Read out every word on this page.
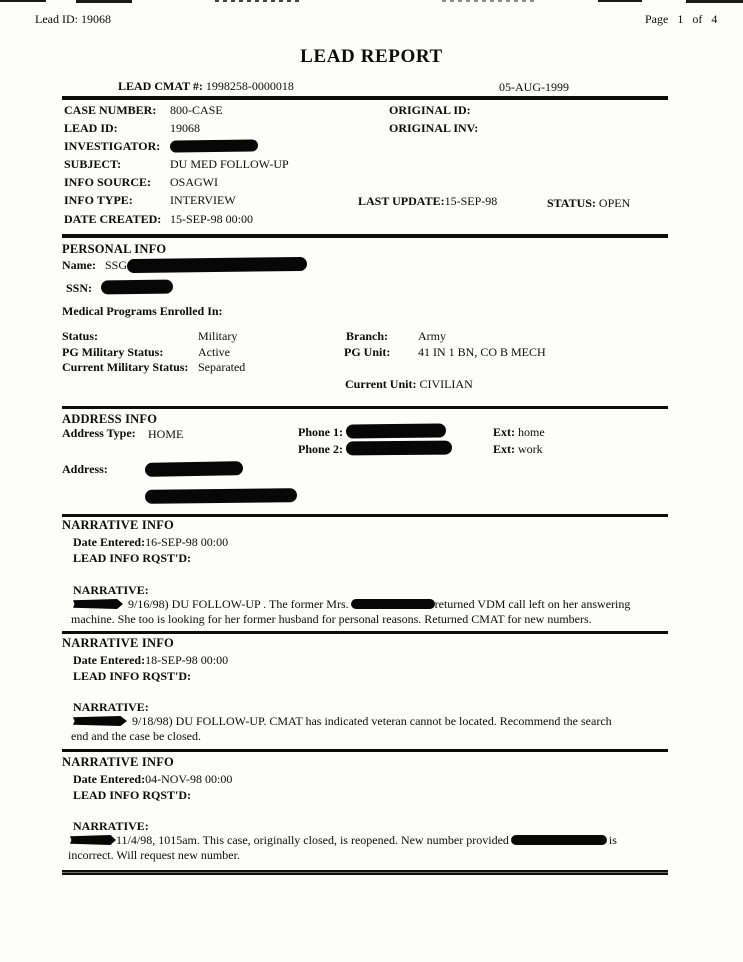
Lead ID: 19068	Page 1 of 4
LEAD REPORT
LEAD CMAT #: 1998258-0000018	05-AUG-1999
CASE NUMBER: 800-CASE	ORIGINAL ID:
LEAD ID:	19068	ORIGINAL INV:
INVESTIGATOR:
SUBJECT:	DU MED FOLLOW-UP
INFO SOURCE: OSAGWI
INFO TYPE:	INTERVIEW	LAST UPDATE:15-SEP-98	STATUS: OPEN
DATE CREATED: 15-SEP-98 00:00
PERSONAL INFO
Name: SSG
SSN:
Medical Programs Enrolled In:
Status:	Military	Branch:	Army
PG Military Status:	Active	PG Unit: 41 IN 1 BN, CO B MECH
Current Military Status: Separated
Current Unit: CIVILIAN
ADDRESS INFO
Address Type: HOME	Phone 1:	Ext: home
Phone 2:	Ext: work
Address:
NARRATIVE INFO
Date Entered:16-SEP-98 00:00
LEAD INFO RQST'D:
NARRATIVE:
9/16/98) DU FOLLOW-UP . The former Mrs.	returned VDM call left on her answering
machine. She too is looking for her former husband for personal reasons. Returned CMAT for new numbers.
NARRATIVE INFO
Date Entered:18-SEP-98 00:00
LEAD INFO RQST'D:
NARRATIVE:
9/18/98) DU FOLLOW-UP. CMAT has indicated veteran cannot be located. Recommend the search
end and the case be closed.
NARRATIVE INFO
Date Entered:04-NOV-98 00:00
LEAD INFO RQST'D:
NARRATIVE:
11/4/98, 1015am. This case, originally closed, is reopened. New number provided	is
incorrect. Will request new number.
